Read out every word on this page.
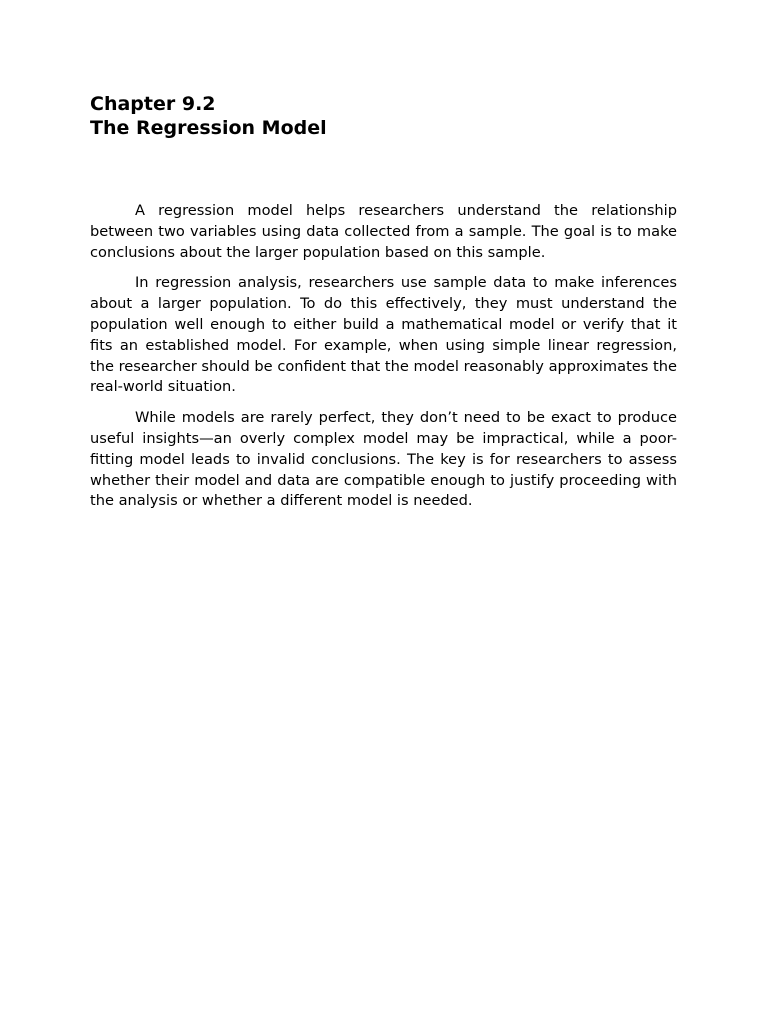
Chapter 9.2
The Regression Model

A regression model helps researchers understand the relationship between two variables using data collected from a sample. The goal is to make conclusions about the larger population based on this sample.

In regression analysis, researchers use sample data to make inferences about a larger population. To do this effectively, they must understand the population well enough to either build a mathematical model or verify that it fits an established model. For example, when using simple linear regression, the researcher should be confident that the model reasonably approximates the real-world situation.

While models are rarely perfect, they don’t need to be exact to produce useful insights—an overly complex model may be impractical, while a poor-fitting model leads to invalid conclusions. The key is for researchers to assess whether their model and data are compatible enough to justify proceeding with the analysis or whether a different model is needed.
